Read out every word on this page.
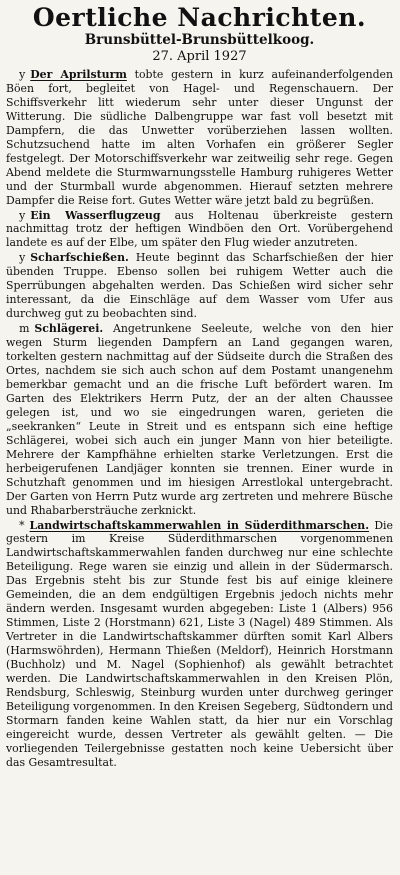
Oertliche Nachrichten.
Brunsbüttel-Brunsbüttelkoog.
27. April 1927

y Der Aprilsturm tobte gestern in kurz aufeinanderfolgenden Böen fort, begleitet von Hagel- und Regenschauern. Der Schiffsverkehr litt wiederum sehr unter dieser Ungunst der Witterung. Die südliche Dalbengruppe war fast voll besetzt mit Dampfern, die das Unwetter vorüberziehen lassen wollten. Schutzsuchend hatte im alten Vorhafen ein größerer Segler festgelegt. Der Motorschiffsverkehr war zeitweilig sehr rege. Gegen Abend meldete die Sturmwarnungsstelle Hamburg ruhigeres Wetter und der Sturmball wurde abgenommen. Hierauf setzten mehrere Dampfer die Reise fort. Gutes Wetter wäre jetzt bald zu begrüßen.

y Ein Wasserflugzeug aus Holtenau überkreiste gestern nachmittag trotz der heftigen Windböen den Ort. Vorübergehend landete es auf der Elbe, um später den Flug wieder anzutreten.

y Scharfschießen. Heute beginnt das Scharfschießen der hier übenden Truppe. Ebenso sollen bei ruhigem Wetter auch die Sperrübungen abgehalten werden. Das Schießen wird sicher sehr interessant, da die Einschläge auf dem Wasser vom Ufer aus durchweg gut zu beobachten sind.

m Schlägerei. Angetrunkene Seeleute, welche von den hier wegen Sturm liegenden Dampfern an Land gegangen waren, torkelten gestern nachmittag auf der Südseite durch die Straßen des Ortes, nachdem sie sich auch schon auf dem Postamt unangenehm bemerkbar gemacht und an die frische Luft befördert waren. Im Garten des Elektrikers Herrn Putz, der an der alten Chaussee gelegen ist, und wo sie eingedrungen waren, gerieten die „seekranken“ Leute in Streit und es entspann sich eine heftige Schlägerei, wobei sich auch ein junger Mann von hier beteiligte. Mehrere der Kampfhähne erhielten starke Verletzungen. Erst die herbeigerufenen Landjäger konnten sie trennen. Einer wurde in Schutzhaft genommen und im hiesigen Arrestlokal untergebracht. Der Garten von Herrn Putz wurde arg zertreten und mehrere Büsche und Rhabarbersträuche zerknickt.

* Landwirtschaftskammerwahlen in Süderdithmarschen. Die gestern im Kreise Süderdithmarschen vorgenommenen Landwirtschaftskammerwahlen fanden durchweg nur eine schlechte Beteiligung. Rege waren sie einzig und allein in der Südermarsch. Das Ergebnis steht bis zur Stunde fest bis auf einige kleinere Gemeinden, die an dem endgültigen Ergebnis jedoch nichts mehr ändern werden. Insgesamt wurden abgegeben: Liste 1 (Albers) 956 Stimmen, Liste 2 (Horstmann) 621, Liste 3 (Nagel) 489 Stimmen. Als Vertreter in die Landwirtschaftskammer dürften somit Karl Albers (Harmswöhrden), Hermann Thießen (Meldorf), Heinrich Horstmann (Buchholz) und M. Nagel (Sophienhof) als gewählt betrachtet werden. Die Landwirtschaftskammerwahlen in den Kreisen Plön, Rendsburg, Schleswig, Steinburg wurden unter durchweg geringer Beteiligung vorgenommen. In den Kreisen Segeberg, Südtondern und Stormarn fanden keine Wahlen statt, da hier nur ein Vorschlag eingereicht wurde, dessen Vertreter als gewählt gelten. — Die vorliegenden Teilergebnisse gestatten noch keine Uebersicht über das Gesamtresultat.
